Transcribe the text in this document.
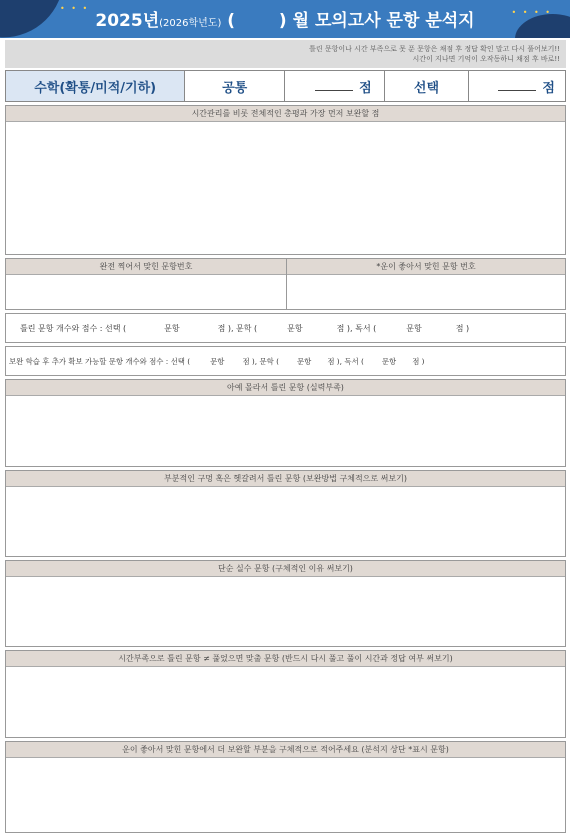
• • •	• • • •
2025년(2026학년도) (	) 월 모의고사 문항 분석지
틀린 문항이나 시간 부족으로 못 푼 문항은 채점 후 정답 확인 말고 다시 풀어보기!!
시간이 지나면 기억이 오작동하니 채점 후 바로!!
수학(확통/미적/기하)	공통	점	선택	점
시간관리를 비롯 전체적인 총평과 가장 먼저 보완할 점
완전 찍어서 맞힌 문항번호	*운이 좋아서 맞힌 문항 번호
틀린 문항 개수와 점수 : 선택 (	문항	점 ), 문학 (	문항	점 ), 독서 (	문항	점 )
보완 학습 후 추가 확보 가능할 문항 개수와 점수 : 선택 (	문항 점 ), 문학 ( 문항 점 ), 독서 ( 문항 점 )
아예 몰라서 틀린 문항 (실력부족)
부분적인 구멍 혹은 헷갈려서 틀린 문항 (보완방법 구체적으로 써보기)
단순 실수 문항 (구체적인 이유 써보기)
시간부족으로 틀린 문항 ≠ 풀었으면 맞출 문항 (반드시 다시 풀고 풀이 시간과 정답 여부 써보기)
운이 좋아서 맞힌 문항에서 더 보완할 부분을 구체적으로 적어주세요 (분석지 상단 *표시 문항)
